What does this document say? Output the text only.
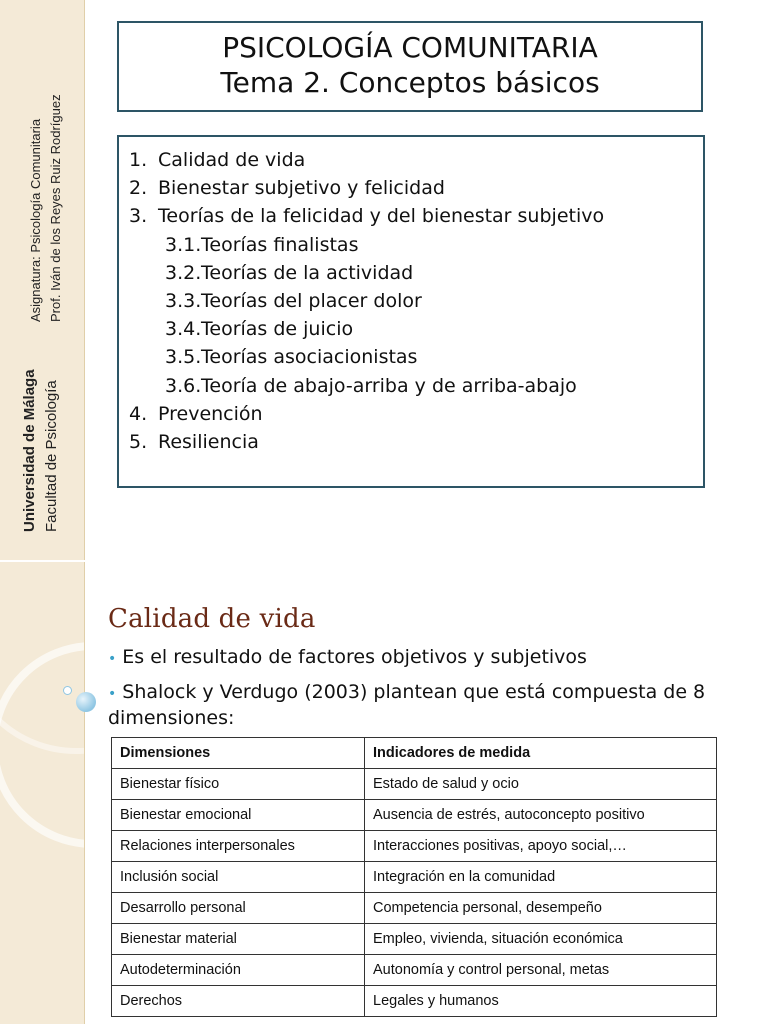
Asignatura: Psicología Comunitaria Prof. Iván de los Reyes Ruiz Rodríguez
Universidad de Málaga Facultad de Psicología
PSICOLOGÍA COMUNITARIA
Tema 2. Conceptos básicos
1. Calidad de vida
2. Bienestar subjetivo y felicidad
3. Teorías de la felicidad y del bienestar subjetivo
3.1.Teorías finalistas
3.2.Teorías de la actividad
3.3.Teorías del placer dolor
3.4.Teorías de juicio
3.5.Teorías asociacionistas
3.6.Teoría de abajo-arriba y de arriba-abajo
4. Prevención
5. Resiliencia
Calidad de vida
• Es el resultado de factores objetivos y subjetivos
• Shalock y Verdugo (2003) plantean que está compuesta de 8 dimensiones:
Dimensiones	Indicadores de medida
Bienestar físico	Estado de salud y ocio
Bienestar emocional	Ausencia de estrés, autoconcepto positivo
Relaciones interpersonales	Interacciones positivas, apoyo social,…
Inclusión social	Integración en la comunidad
Desarrollo personal	Competencia personal, desempeño
Bienestar material	Empleo, vivienda, situación económica
Autodeterminación	Autonomía y control personal, metas
Derechos	Legales y humanos
